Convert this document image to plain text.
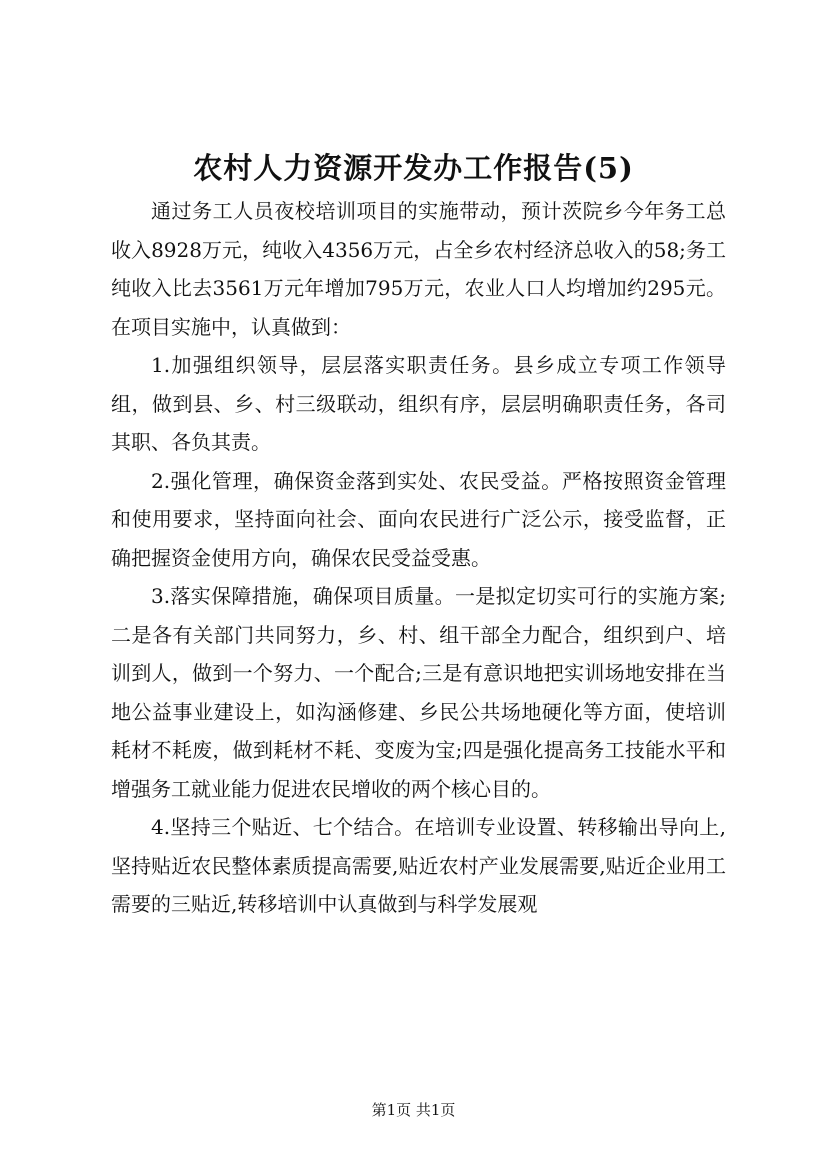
农村人力资源开发办工作报告(5)

通过务工人员夜校培训项目的实施带动，预计茨院乡今年务工总收入8928万元，纯收入4356万元，占全乡农村经济总收入的58;务工纯收入比去3561万元年增加795万元，农业人口人均增加约295元。在项目实施中，认真做到：

1.加强组织领导，层层落实职责任务。县乡成立专项工作领导组，做到县、乡、村三级联动，组织有序，层层明确职责任务，各司其职、各负其责。

2.强化管理，确保资金落到实处、农民受益。严格按照资金管理和使用要求，坚持面向社会、面向农民进行广泛公示，接受监督，正确把握资金使用方向，确保农民受益受惠。

3.落实保障措施，确保项目质量。一是拟定切实可行的实施方案;二是各有关部门共同努力，乡、村、组干部全力配合，组织到户、培训到人，做到一个努力、一个配合;三是有意识地把实训场地安排在当地公益事业建设上，如沟涵修建、乡民公共场地硬化等方面，使培训耗材不耗废，做到耗材不耗、变废为宝;四是强化提高务工技能水平和增强务工就业能力促进农民增收的两个核心目的。

4.坚持三个贴近、七个结合。在培训专业设置、转移输出导向上,坚持贴近农民整体素质提高需要,贴近农村产业发展需要,贴近企业用工需要的三贴近,转移培训中认真做到与科学发展观

第1页 共1页
